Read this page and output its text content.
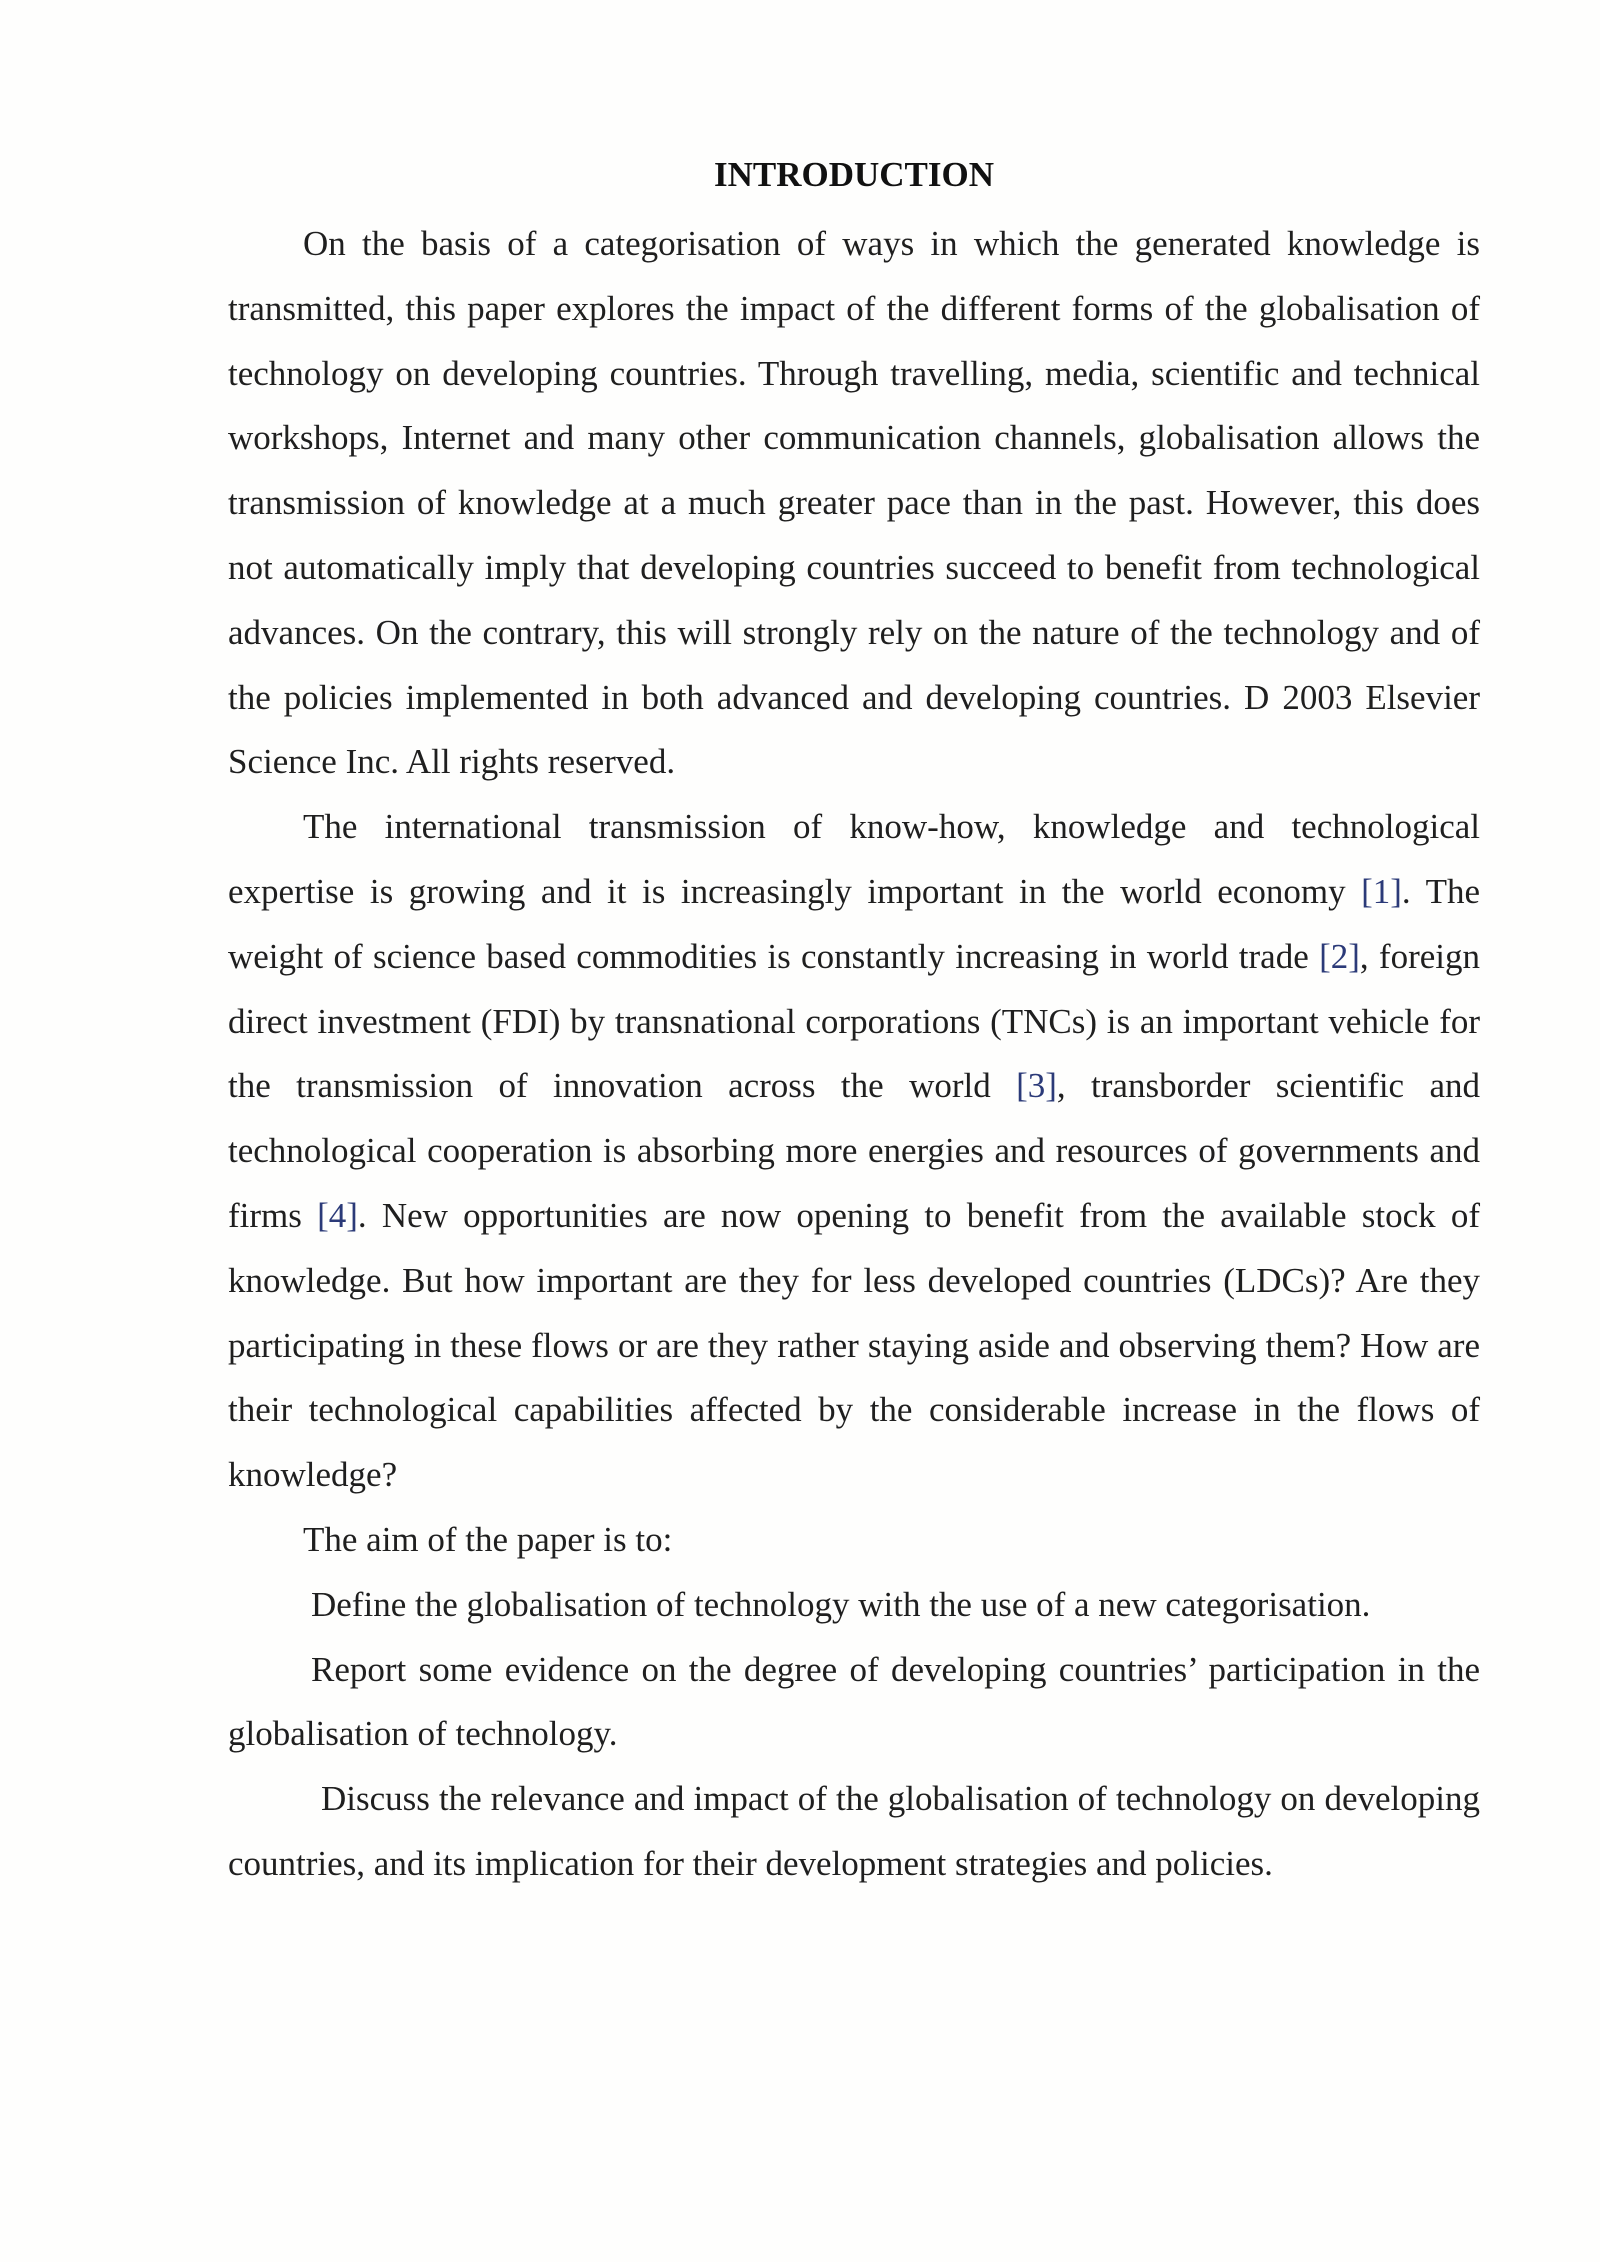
INTRODUCTION

On the basis of a categorisation of ways in which the generated knowledge is transmitted, this paper explores the impact of the different forms of the globalisation of technology on developing countries. Through travelling, media, scientific and technical workshops, Internet and many other communication channels, globalisation allows the transmission of knowledge at a much greater pace than in the past. However, this does not automatically imply that developing countries succeed to benefit from technological advances. On the contrary, this will strongly rely on the nature of the technology and of the policies implemented in both advanced and developing countries. D 2003 Elsevier Science Inc. All rights reserved.

The international transmission of know-how, knowledge and technological expertise is growing and it is increasingly important in the world economy [1]. The weight of science based commodities is constantly increasing in world trade [2], foreign direct investment (FDI) by transnational corporations (TNCs) is an important vehicle for the transmission of innovation across the world [3], transborder scientific and technological cooperation is absorbing more energies and resources of governments and firms [4]. New opportunities are now opening to benefit from the available stock of knowledge. But how important are they for less developed countries (LDCs)? Are they participating in these flows or are they rather staying aside and observing them? How are their technological capabilities affected by the considerable increase in the flows of knowledge?

The aim of the paper is to:

Define the globalisation of technology with the use of a new categorisation.

Report some evidence on the degree of developing countries’ participation in the globalisation of technology.

Discuss the relevance and impact of the globalisation of technology on developing countries, and its implication for their development strategies and policies.
